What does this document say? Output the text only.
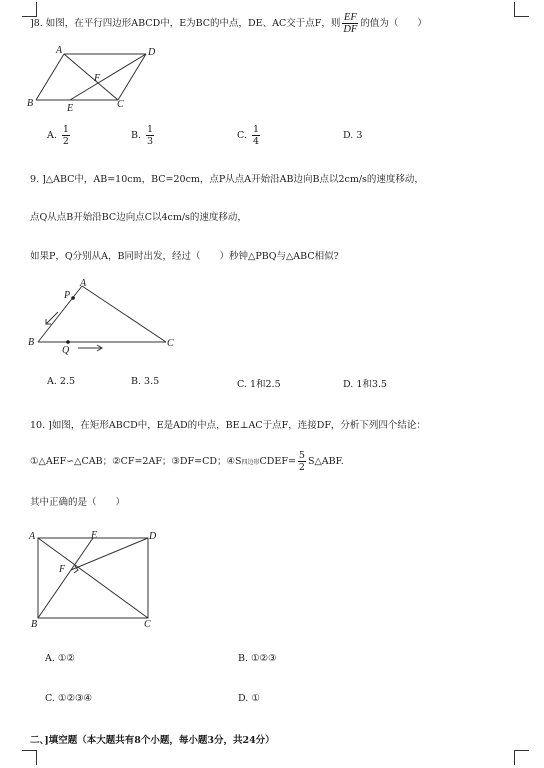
]8. 如图，在平行四边形ABCD中，E为BC的中点，DE、AC交于点F，则 $\frac{EF}{DF}$ 的值为（　　）
A	D
F
B	E	C
A. $\frac{1}{2}$	B. $\frac{1}{3}$	C. $\frac{1}{4}$	D. 3
9. ]△ABC中，AB=10cm，BC=20cm，点P从点A开始沿AB边向B点以2cm/s的速度移动，
点Q从点B开始沿BC边向点C以4cm/s的速度移动，
如果P，Q分别从A，B同时出发，经过（　　）秒钟△PBQ与△ABC相似?
A
P
B
Q
C
A. 2.5	B. 3.5	C. 1和2.5	D. 1和3.5
10. ]如图，在矩形ABCD中，E是AD的中点，BE⊥AC于点F，连接DF，分析下列四个结论：
①△AEF∽△CAB；②CF=2AF；③DF=CD；④S四边形CDEF= $\frac{5}{2}$ S△ABF.
其中正确的是（　　）
A	E	D
F
B	C
A. ①②	B. ①②③
C. ①②③④	D. ①
二、]填空题（本大题共有8个小题，每小题3分，共24分）
